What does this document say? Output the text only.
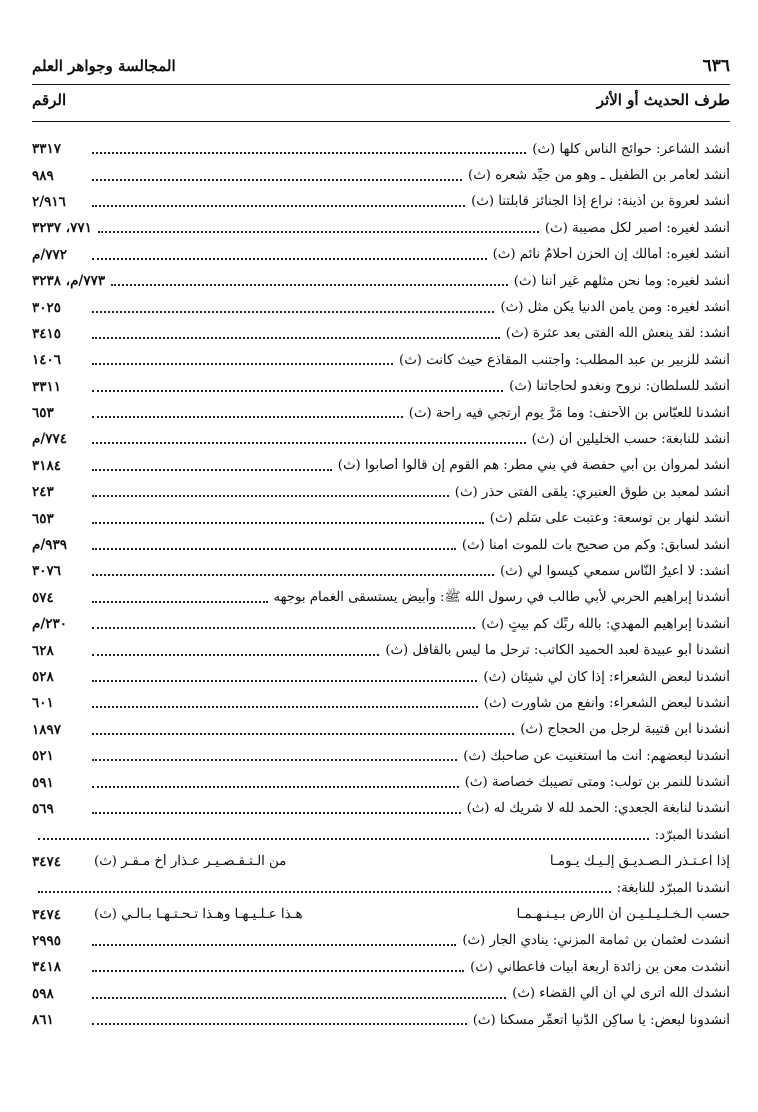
٦٣٦
المجالسة وجواهر العلم
طرف الحديث أو الأثر
الرقم
أنشد الشاعر: حوائج الناس كلها (ث)
٣٣١٧
أنشد لعامر بن الطفيل ـ وهو من جيِّد شعره (ث)
٩٨٩
أنشد لعروة بن أذينة: نراع إذا الجنائز قابلتنا (ث)
٢/٩١٦
أنشد لغيره: اصبر لكل مصيبة (ث)
٧٧١، ٣٢٣٧
أنشد لغيره: أمالك إن الحزن أحلامٌ نائم (ث)
٧٧٢/م
أنشد لغيره: وما نحن مثلهم غير أننا (ث)
٧٧٣/م، ٣٢٣٨
أنشد لغيره: ومن يأمن الدنيا يكن مثل (ث)
٣٠٢٥
أنشد: لقد ينعش الله الفتى بعد عثرة (ث)
٣٤١٥
أنشد للزبير بن عبد المطلب: وأجتنب المقاذع حيث كانت (ث)
١٤٠٦
أنشد للسلطان: نروح ونغدو لحاجاتنا (ث)
٣٣١١
أنشدنا للعبّاس بن الأحنف: وما مَرَّ يوم أرتجي فيه راحة (ث)
٦٥٣
أنشد للنابغة: حسب الخليلين أن (ث)
٧٧٤/م
أنشد لمروان بن أبي حفصة في بني مطر: هم القوم إن قالوا أصابوا (ث)
٣١٨٤
أنشد لمعبد بن طوق العنبري: يلقى الفتى حذر (ث)
٢٤٣
أنشد لنهار بن توسعة: وعتبت على سَلْم (ث)
٦٥٣
أنشد لسابق: وكم من صحيح بات للموت آمناً (ث)
٩٣٩/م
أنشد: لا أعيرُ النّاس سمعي كيسوا لي (ث)
٣٠٧٦
أنشدنا إبراهيم الحربي لأبي طالب في رسول الله ﷺ: وأبيض يستسقى الغمام بوجهه
٥٧٤
أنشدنا إبراهيم المهدي: بالله ربِّك كم بيتٍ (ث)
٢٣٠/م
أنشدنا أبو عبيدة لعبد الحميد الكاتب: ترحل ما ليس بالقافل (ث)
٦٢٨
أنشدنا لبعض الشعراء: إذا كان لي شيئان (ث)
٥٢٨
أنشدنا لبعض الشعراء: وأنفع من شاورت (ث)
٦٠١
أنشدنا ابن قتيبة لرجل من الحجاج (ث)
١٨٩٧
أنشدنا لبعضهم: أنت ما استغنيت عن صاحبك (ث)
٥٢١
أنشدنا للنمر بن تولب: ومتى تصيبك خصاصة (ث)
٥٩١
أنشدنا لنابغة الجعدي: الحمد لله لا شريك له (ث)
٥٦٩
أنشدنا المبرّد:
إذا اعـتـذر الـصـديـق إلـيـك يـومـاً
من الـتـقـصـيـر عـذار أخ مـقـر (ث)
٣٤٧٤
أنشدنا المبرّد للنابغة:
حسب الـخـلـيـلـيـن أن الأرض بـيـنـهـمـا
هـذا عـلـيـهـا وهـذا تـحـتـهـا بـالـي (ث)
٣٤٧٤
أنشدت لعثمان بن ثمامة المزني: ينادي الجار (ث)
٢٩٩٥
أنشدت معن بن زائدة أربعة أبيات فأعطاني (ث)
٣٤١٨
أنشدك الله أترى لي أن ألي القضاء (ث)
٥٩٨
أنشدونا لبعض: يا ساكِن الدُّنيا أتعمِّر مسكناً (ث)
٨٦١
